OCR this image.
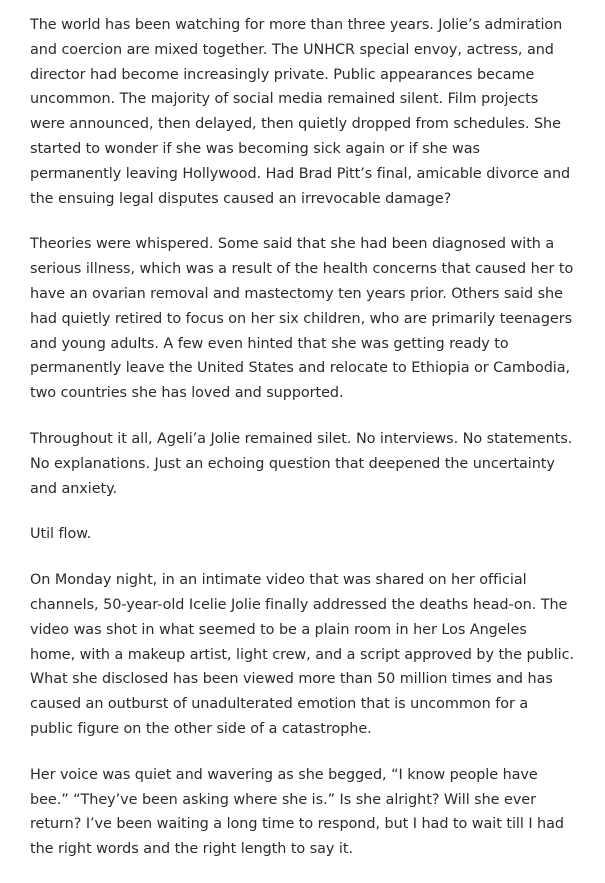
The world has been watching for more than three years. Jolie’s admiration and coercion are mixed together. The UNHCR special envoy, actress, and director had become increasingly private. Public appearances became uncommon. The majority of social media remained silent. Film projects were announced, then delayed, then quietly dropped from schedules. She started to wonder if she was becoming sick again or if she was permanently leaving Hollywood. Had Brad Pitt’s final, amicable divorce and the ensuing legal disputes caused an irrevocable damage?

Theories were whispered. Some said that she had been diagnosed with a serious illness, which was a result of the health concerns that caused her to have an ovarian removal and mastectomy ten years prior. Others said she had quietly retired to focus on her six children, who are primarily teenagers and young adults. A few even hinted that she was getting ready to permanently leave the United States and relocate to Ethiopia or Cambodia, two countries she has loved and supported.

Throughout it all, Ageli’a Jolie remained silet. No interviews. No statements. No explanations. Just an echoing question that deepened the uncertainty and anxiety.

Util flow.

On Monday night, in an intimate video that was shared on her official channels, 50-year-old Icelie Jolie finally addressed the deaths head-on. The video was shot in what seemed to be a plain room in her Los Angeles home, with a makeup artist, light crew, and a script approved by the public. What she disclosed has been viewed more than 50 million times and has caused an outburst of unadulterated emotion that is uncommon for a public figure on the other side of a catastrophe.

Her voice was quiet and wavering as she begged, “I know people have bee.” “They’ve been asking where she is.” Is she alright? Will she ever return? I’ve been waiting a long time to respond, but I had to wait till I had the right words and the right length to say it.
